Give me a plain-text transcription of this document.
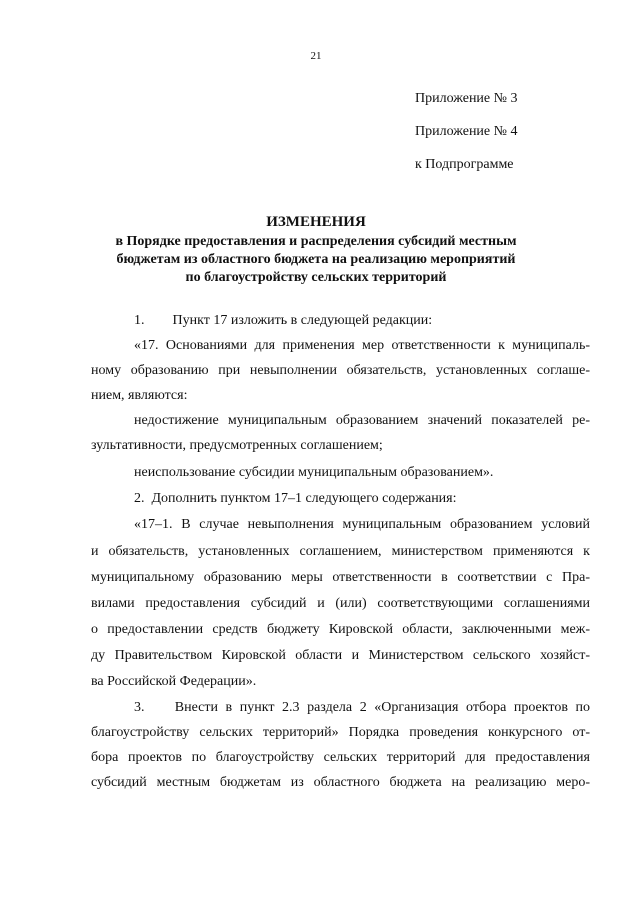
21
Приложение № 3
Приложение № 4
к Подпрограмме
ИЗМЕНЕНИЯ
в Порядке предоставления и распределения субсидий местным
бюджетам из областного бюджета на реализацию мероприятий
по благоустройству сельских территорий
1.        Пункт 17 изложить в следующей редакции:
«17. Основаниями для применения мер ответственности к муниципаль-
ному образованию при невыполнении обязательств, установленных соглаше-
нием, являются:
недостижение муниципальным образованием значений показателей ре-
зультативности, предусмотренных соглашением;
неиспользование субсидии муниципальным образованием».
2.  Дополнить пунктом 17–1 следующего содержания:
«17–1. В случае невыполнения муниципальным образованием условий
и обязательств, установленных соглашением, министерством применяются к
муниципальному образованию меры ответственности в соответствии с Пра-
вилами предоставления субсидий и (или) соответствующими соглашениями
о предоставлении средств бюджету Кировской области, заключенными меж-
ду Правительством Кировской области и Министерством сельского хозяйст-
ва Российской Федерации».
3.    Внести в пункт 2.3 раздела 2 «Организация отбора проектов по
благоустройству сельских территорий» Порядка проведения конкурсного от-
бора проектов по благоустройству сельских территорий для предоставления
субсидий местным бюджетам из областного бюджета на реализацию меро-
